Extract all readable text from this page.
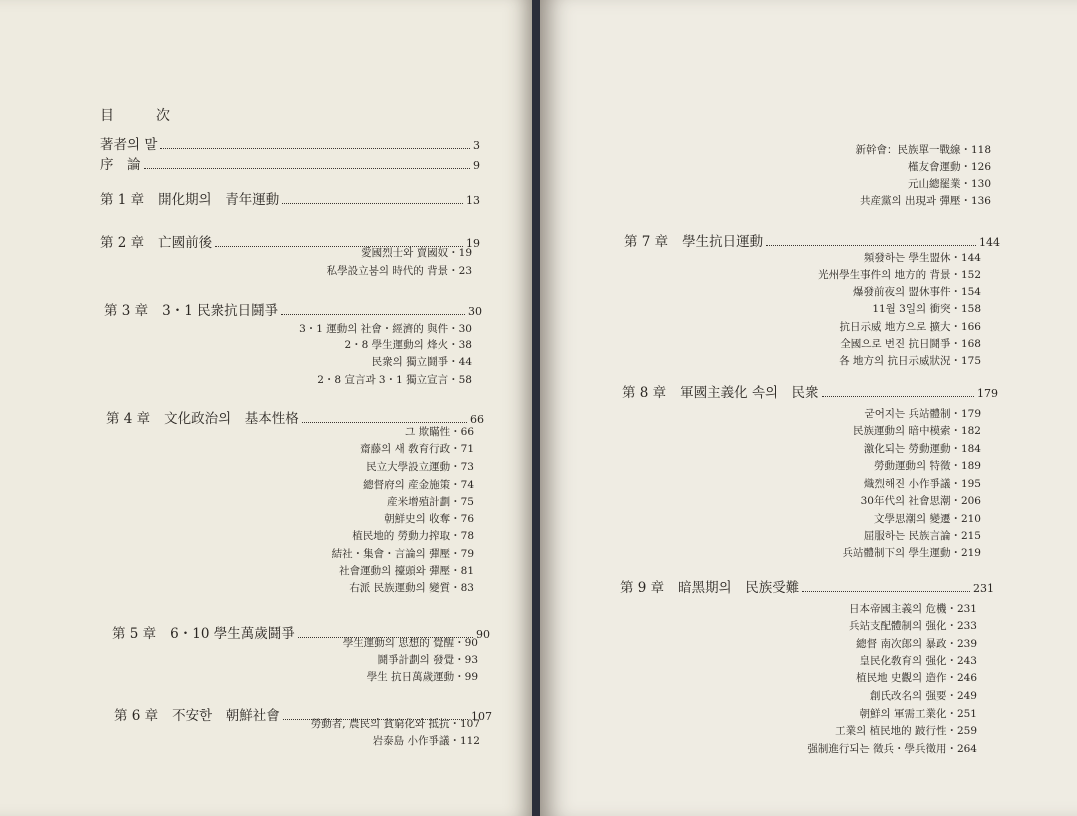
目　次
著者의 말	3
序　論	9
第 1 章 開化期의　青年運動	13
第 2 章 亡國前後	19
愛國烈士와 賣國奴・19
私學設立붐의 時代的 背景・23
第 3 章 3・1 民衆抗日鬪爭	30
3・1 運動의 社會・經濟的 與件・30
2・8 學生運動의 烽火・38
民衆의 獨立鬪爭・44
2・8 宣言과 3・1 獨立宣言・58
第 4 章 文化政治의　基本性格	66
그 欺瞞性・66
齋藤의 새 敎育行政・71
民立大學設立運動・73
總督府의 産金施策・74
産米增殖計劃・75
朝鮮史의 收奪・76
植民地的 勞動力搾取・78
結社・集會・言論의 彈壓・79
社會運動의 擡頭와 彈壓・81
右派 民族運動의 變質・83
第 5 章 6・10 學生萬歲鬪爭	90
學生運動의 思想的 覺醒・90
鬪爭計劃의 發覺・93
學生 抗日萬歲運動・99
第 6 章 不安한　朝鮮社會	107
勞動者, 農民의 貧窮化와 抵抗・107
岩泰島 小作爭議・112
新幹會：民族單一戰線・118
槿友會運動・126
元山總罷業・130
共産黨의 出現과 彈壓・136
第 7 章 學生抗日運動	144
頻發하는 學生盟休・144
光州學生事件의 地方的 背景・152
爆發前夜의 盟休事件・154
11월 3일의 衝突・158
抗日示威 地方으로 擴大・166
全國으로 번진 抗日鬪爭・168
各 地方의 抗日示威狀況・175
第 8 章 軍國主義化 속의　民衆	179
굳어지는 兵站體制・179
民族運動의 暗中模索・182
激化되는 勞動運動・184
勞動運動의 特徵・189
熾烈해진 小作爭議・195
30年代의 社會思潮・206
文學思潮의 變遷・210
屈服하는 民族言論・215
兵站體制下의 學生運動・219
第 9 章 暗黑期의　民族受難	231
日本帝國主義의 危機・231
兵站支配體制의 强化・233
總督 南次郎의 暴政・239
皇民化敎育의 强化・243
植民地 史觀의 造作・246
創氏改名의 强要・249
朝鮮의 軍需工業化・251
工業의 植民地的 跛行性・259
强制進行되는 徵兵・學兵徵用・264
